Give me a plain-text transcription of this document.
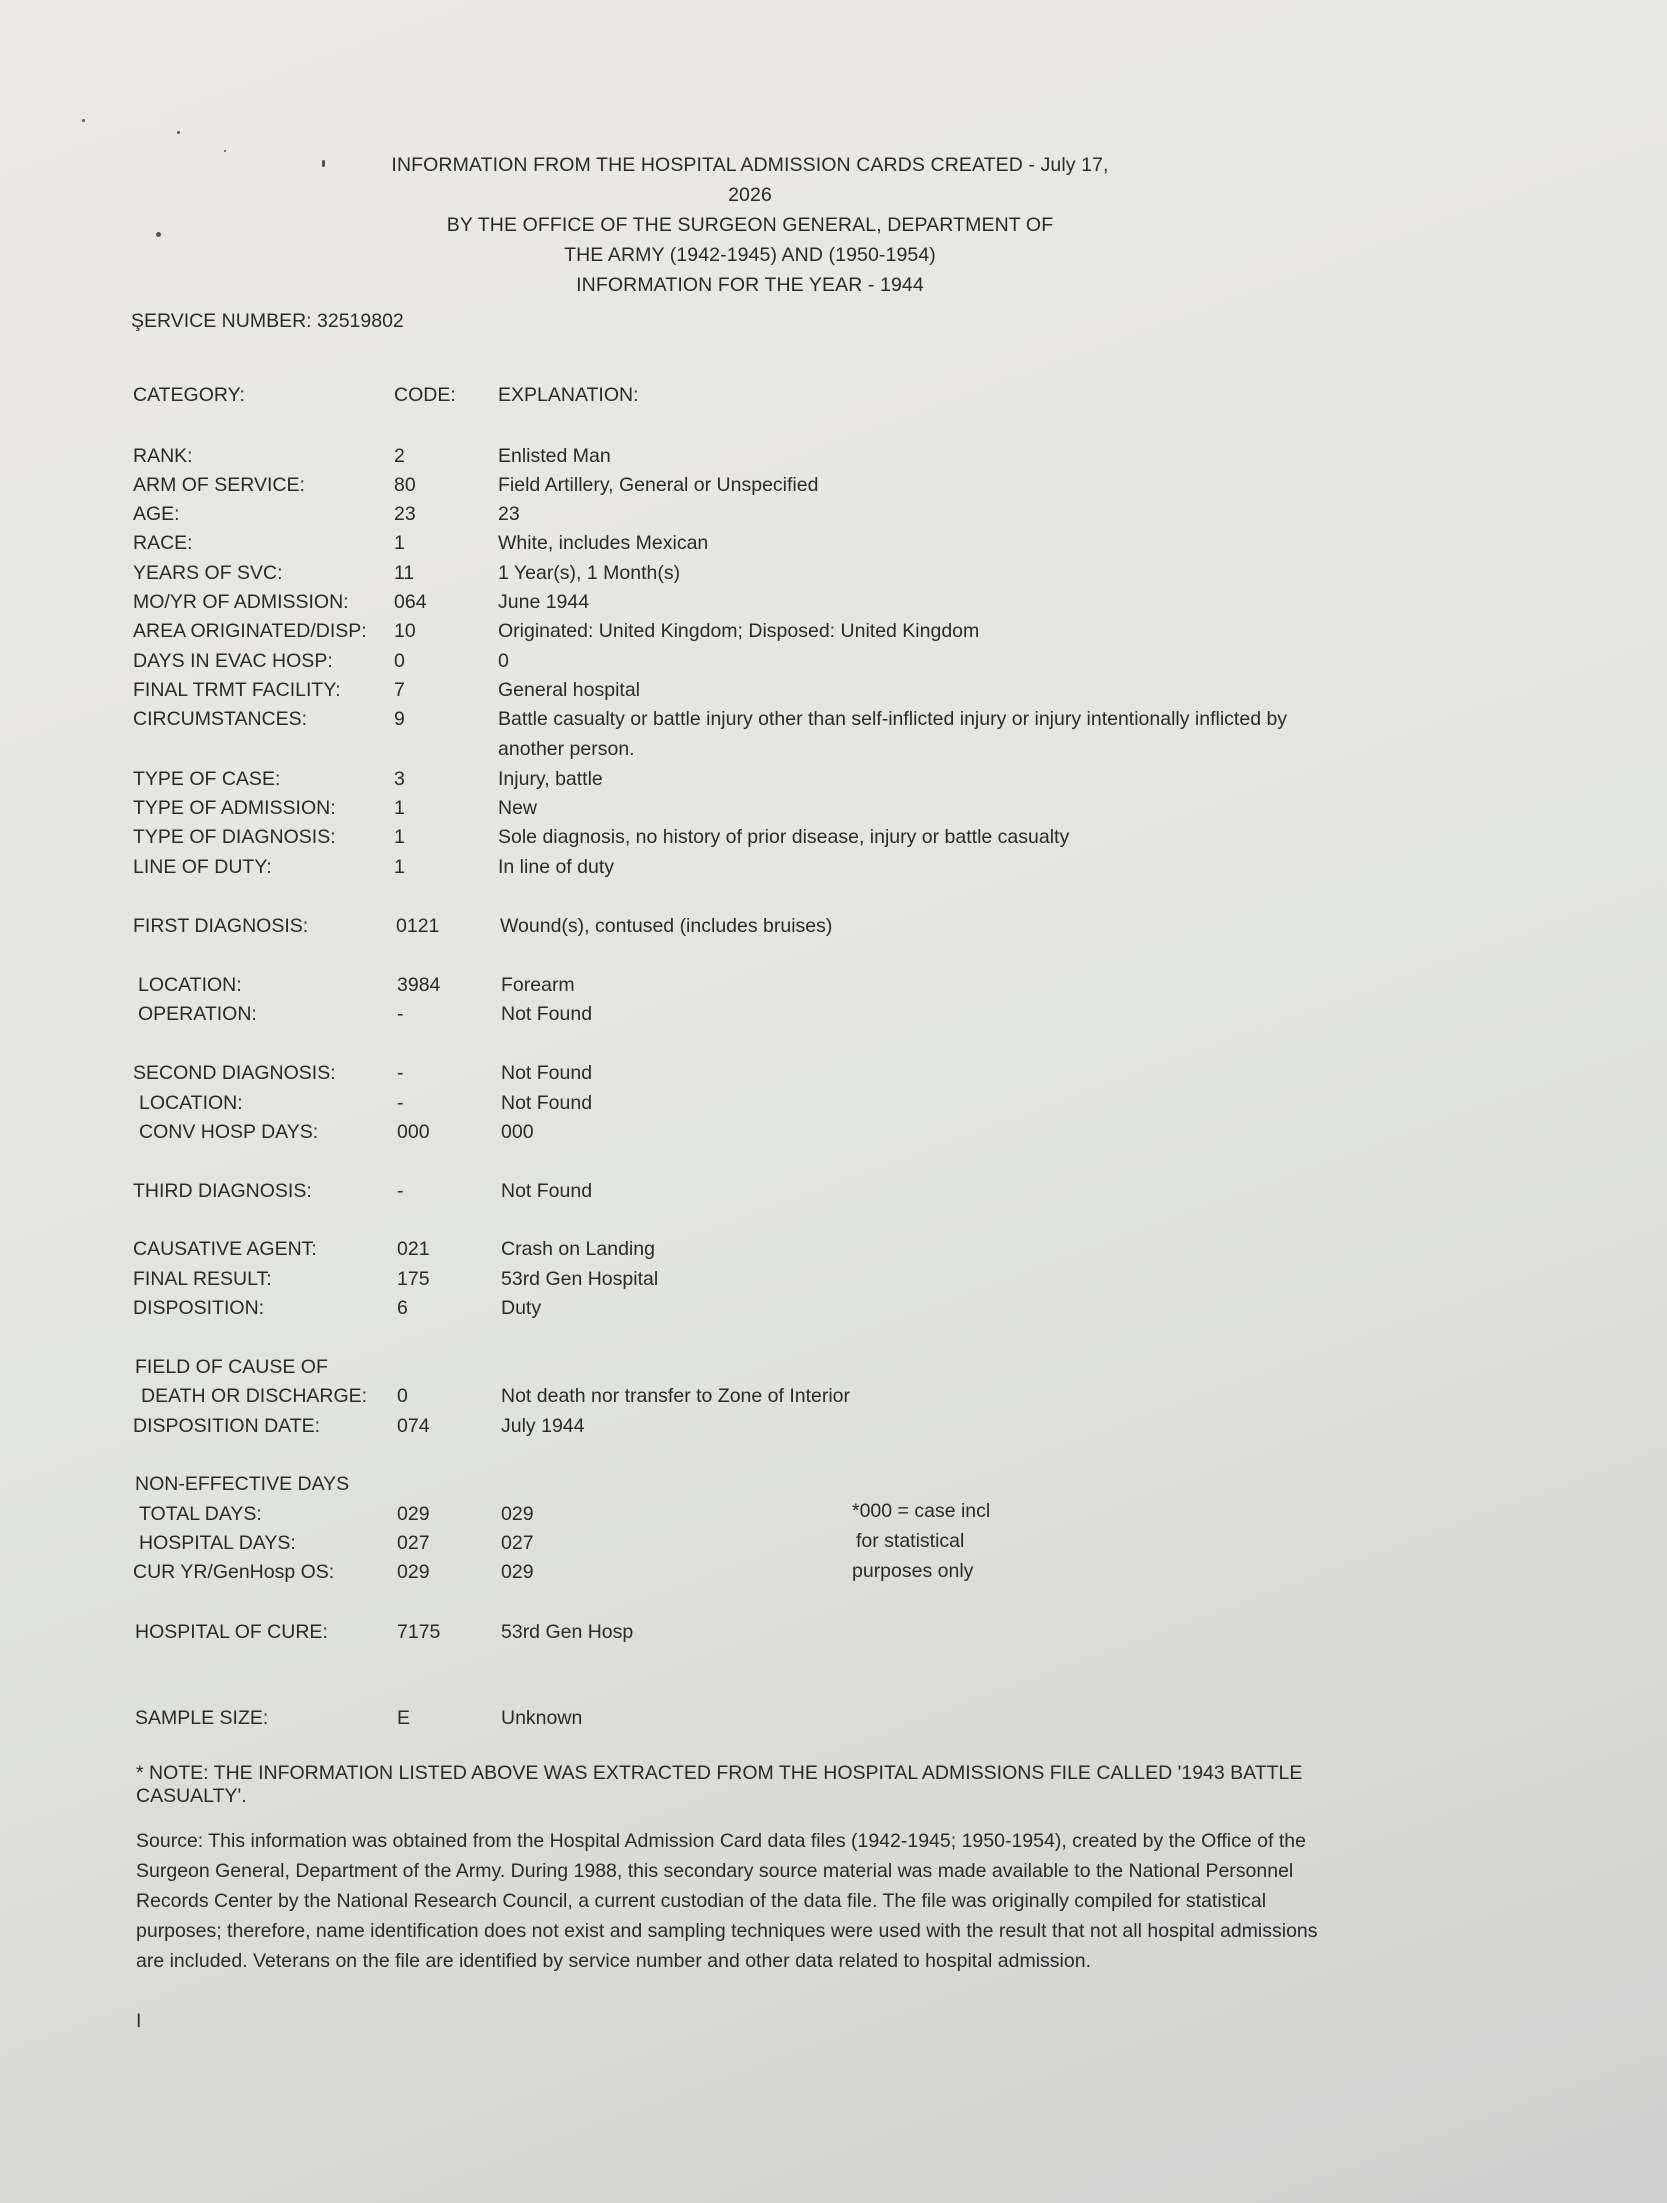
INFORMATION FROM THE HOSPITAL ADMISSION CARDS CREATED - July 17, 2026
BY THE OFFICE OF THE SURGEON GENERAL, DEPARTMENT OF
THE ARMY (1942-1945) AND (1950-1954)
INFORMATION FOR THE YEAR - 1944
ŞERVICE NUMBER: 32519802
CATEGORY:	CODE: EXPLANATION:
RANK:	2	Enlisted Man
ARM OF SERVICE:	80	Field Artillery, General or Unspecified
AGE:	23	23
RACE:	1	White, includes Mexican
YEARS OF SVC:	11	1 Year(s), 1 Month(s)
MO/YR OF ADMISSION: 064	June 1944
AREA ORIGINATED/DISP: 10	Originated: United Kingdom; Disposed: United Kingdom
DAYS IN EVAC HOSP:	0	0
FINAL TRMT FACILITY:	7	General hospital
CIRCUMSTANCES:	9	Battle casualty or battle injury other than self-inflicted injury or injury intentionally inflicted by another person.
TYPE OF CASE:	3	Injury, battle
TYPE OF ADMISSION:	1	New
TYPE OF DIAGNOSIS:	1	Sole diagnosis, no history of prior disease, injury or battle casualty
LINE OF DUTY:	1	In line of duty
FIRST DIAGNOSIS:	0121	Wound(s), contused (includes bruises)
LOCATION:	3984	Forearm
OPERATION:	-	Not Found
SECOND DIAGNOSIS:	-	Not Found
LOCATION:	-	Not Found
CONV HOSP DAYS:	000	000
THIRD DIAGNOSIS:	-	Not Found
CAUSATIVE AGENT:	021	Crash on Landing
FINAL RESULT:	175	53rd Gen Hospital
DISPOSITION:	6	Duty
FIELD OF CAUSE OF
DEATH OR DISCHARGE: 0	Not death nor transfer to Zone of Interior
DISPOSITION DATE:	074	July 1944
NON-EFFECTIVE DAYS
TOTAL DAYS:	029	029
HOSPITAL DAYS:	027	027
CUR YR/GenHosp OS:	029	029
HOSPITAL OF CURE:	7175	53rd Gen Hosp
SAMPLE SIZE:	E	Unknown
*000 = case incl
for statistical
purposes only
* NOTE: THE INFORMATION LISTED ABOVE WAS EXTRACTED FROM THE HOSPITAL ADMISSIONS FILE CALLED '1943 BATTLE CASUALTY'.
Source: This information was obtained from the Hospital Admission Card data files (1942-1945; 1950-1954), created by the Office of the
Surgeon General, Department of the Army. During 1988, this secondary source material was made available to the National Personnel
Records Center by the National Research Council, a current custodian of the data file. The file was originally compiled for statistical
purposes; therefore, name identification does not exist and sampling techniques were used with the result that not all hospital admissions
are included. Veterans on the file are identified by service number and other data related to hospital admission.
I
